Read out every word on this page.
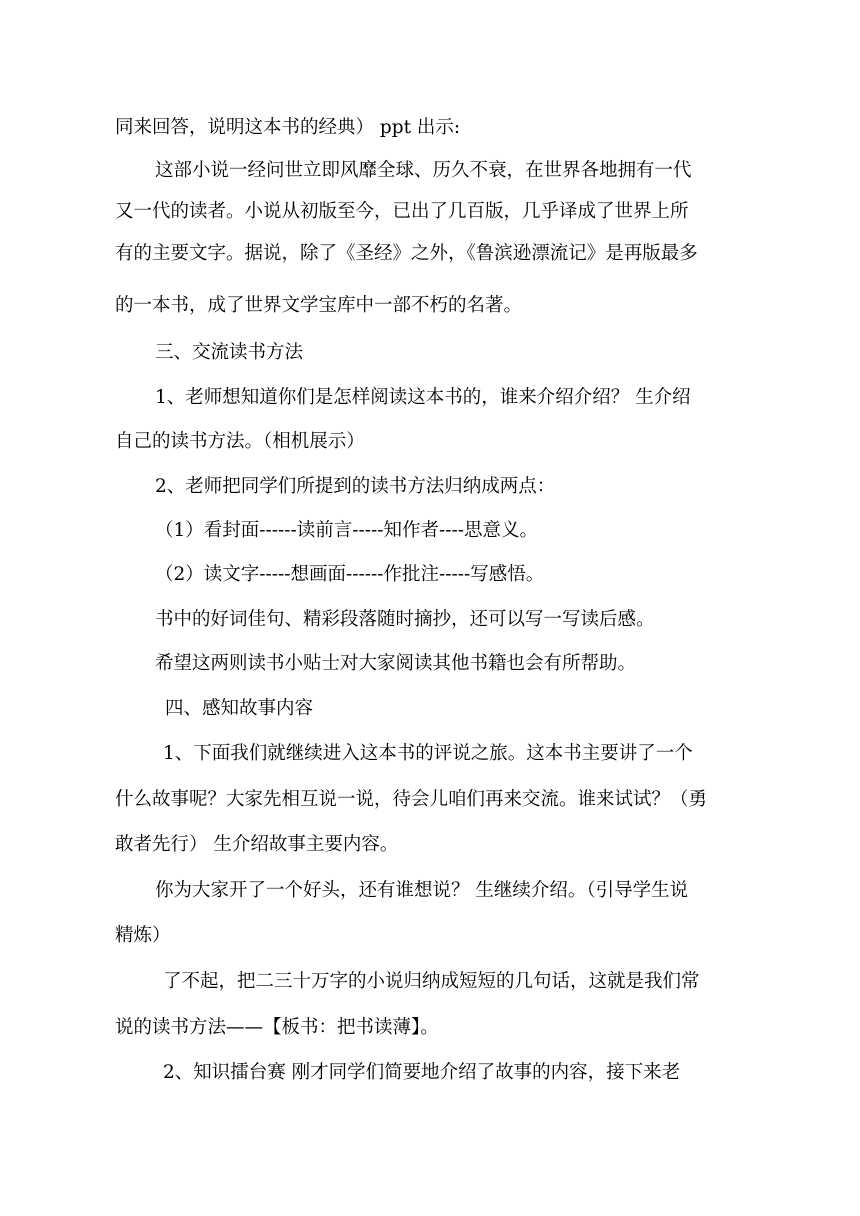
同来回答，说明这本书的经典） ppt 出示:
这部小说一经问世立即风靡全球、历久不衰，在世界各地拥有一代
又一代的读者。小说从初版至今，已出了几百版，几乎译成了世界上所
有的主要文字。据说，除了《圣经》之外，《鲁滨逊漂流记》是再版最多
的一本书，成了世界文学宝库中一部不朽的名著。
三、交流读书方法
1、老师想知道你们是怎样阅读这本书的，谁来介绍介绍？ 生介绍
自己的读书方法。（相机展示）
2、老师把同学们所提到的读书方法归纳成两点：
（1）看封面------读前言-----知作者----思意义。
（2）读文字-----想画面------作批注-----写感悟。
书中的好词佳句、精彩段落随时摘抄，还可以写一写读后感。
希望这两则读书小贴士对大家阅读其他书籍也会有所帮助。
四、感知故事内容
1、下面我们就继续进入这本书的评说之旅。这本书主要讲了一个
什么故事呢？大家先相互说一说，待会儿咱们再来交流。谁来试试？（勇
敢者先行） 生介绍故事主要内容。
你为大家开了一个好头，还有谁想说？ 生继续介绍。（引导学生说
精炼）
了不起，把二三十万字的小说归纳成短短的几句话，这就是我们常
说的读书方法——【板书：把书读薄】。
2、知识擂台赛 刚才同学们简要地介绍了故事的内容，接下来老
